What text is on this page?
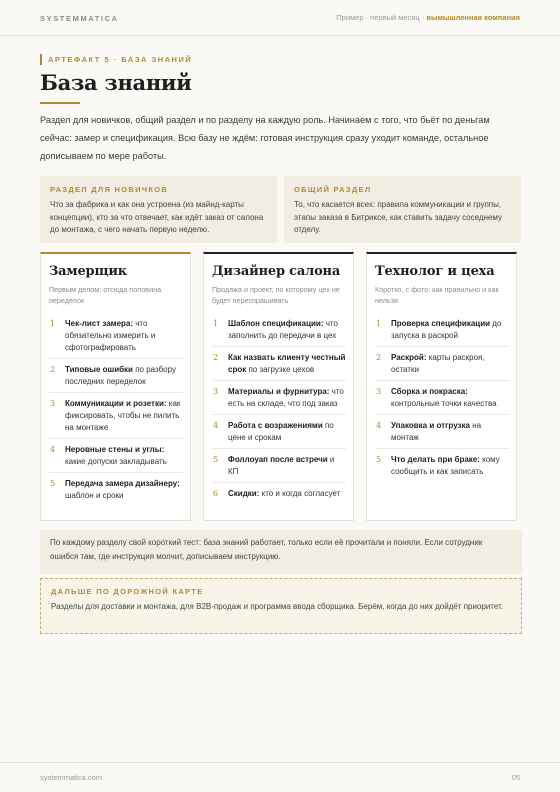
SYSTEMMATICA	Пример · первый месяц · вымышленная компания
АРТЕФАКТ 5 · БАЗА ЗНАНИЙ
База знаний

Раздел для новичков, общий раздел и по разделу на каждую роль. Начинаем с того, что бьёт по деньгам сейчас: замер и спецификация. Всю базу не ждём: готовая инструкция сразу уходит команде, остальное дописываем по мере работы.

РАЗДЕЛ ДЛЯ НОВИЧКОВ

Что за фабрика и как она устроена (из майнд-карты концепции), кто за что отвечает, как идёт заказ от салона до монтажа, с чего начать первую неделю.

ОБЩИЙ РАЗДЕЛ

То, что касается всех: правила коммуникации и группы, этапы заказа в Битриксе, как ставить задачу соседнему отделу.

Замерщик
Первым делом: отсюда половина переделок
1 Чек-лист замера: что обязательно измерить и сфотографировать
2 Типовые ошибки по разбору последних переделок
3 Коммуникации и розетки: как фиксировать, чтобы не пилить на монтаже
4 Неровные стены и углы: какие допуски закладывать
5 Передача замера дизайнеру: шаблон и сроки
Дизайнер салона
Продажа и проект, по которому цех не будет переспрашивать
1 Шаблон спецификации: что заполнить до передачи в цех
2 Как назвать клиенту честный срок по загрузке цехов
3 Материалы и фурнитура: что есть на складе, что под заказ
4 Работа с возражениями по цене и срокам
5 Фоллоуап после встречи и КП
6 Скидки: кто и когда согласует
Технолог и цеха
Коротко, с фото: как правильно и как нельзя
1 Проверка спецификации до запуска в раскрой
2 Раскрой: карты раскроя, остатки
3 Сборка и покраска: контрольные точки качества
4 Упаковка и отгрузка на монтаж
5 Что делать при браке: кому сообщить и как записать
По каждому разделу свой короткий тест: база знаний работает, только если её прочитали и поняли. Если сотрудник ошибся там, где инструкция молчит, дописываем инструкцию.
ДАЛЬШЕ ПО ДОРОЖНОЙ КАРТЕ

Разделы для доставки и монтажа, для B2B-продаж и программа ввода сборщика. Берём, когда до них дойдёт приоритет.

systemmatica.com	05
